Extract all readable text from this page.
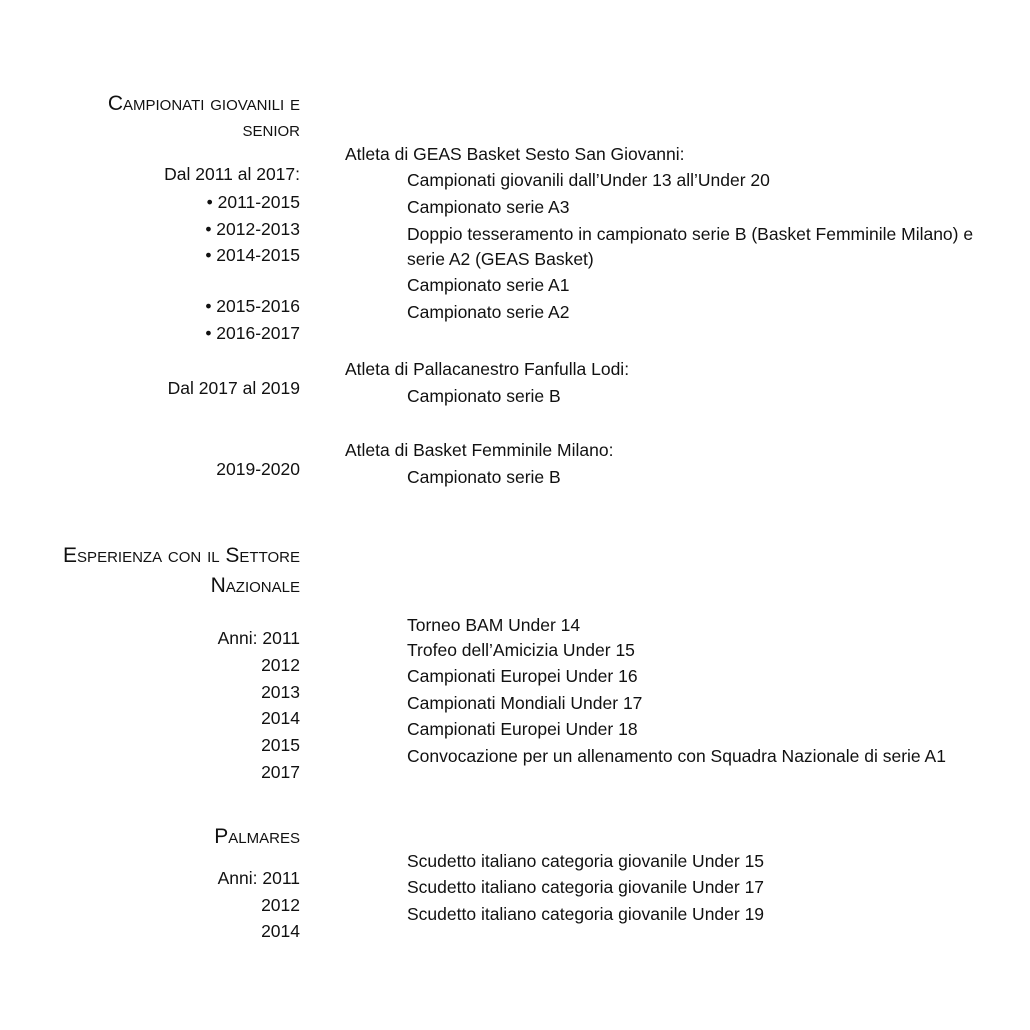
Campionati giovanili e
senior
Dal 2011 al 2017:
• 2011-2015
• 2012-2013
• 2014-2015
• 2015-2016
• 2016-2017
Dal 2017 al 2019
2019-2020
Atleta di GEAS Basket Sesto San Giovanni:
Campionati giovanili dall’Under 13 all’Under 20
Campionato serie A3
Doppio tesseramento in campionato serie B (Basket Femminile Milano) e
serie A2 (GEAS Basket)
Campionato serie A1
Campionato serie A2
Atleta di Pallacanestro Fanfulla Lodi:
Campionato serie B
Atleta di Basket Femminile Milano:
Campionato serie B
Esperienza con il Settore
Nazionale
Anni: 2011
2012
2013
2014
2015
2017
Torneo BAM Under 14
Trofeo dell’Amicizia Under 15
Campionati Europei Under 16
Campionati Mondiali Under 17
Campionati Europei Under 18
Convocazione per un allenamento con Squadra Nazionale di serie A1
Palmares
Anni: 2011
2012
2014
Scudetto italiano categoria giovanile Under 15
Scudetto italiano categoria giovanile Under 17
Scudetto italiano categoria giovanile Under 19
